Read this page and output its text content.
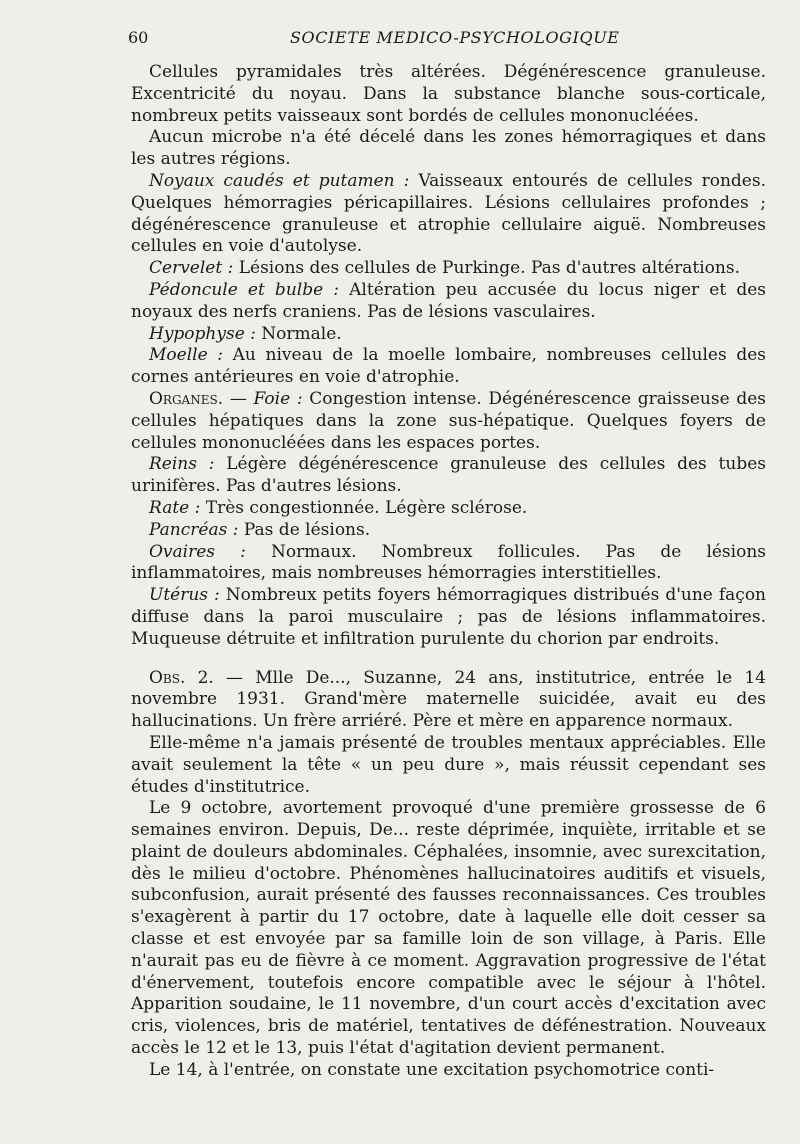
60	SOCIETE MEDICO-PSYCHOLOGIQUE

Cellules pyramidales très altérées. Dégénérescence granuleuse. Excentricité du noyau. Dans la substance blanche sous-corticale, nombreux petits vaisseaux sont bordés de cellules mononucléées.

Aucun microbe n'a été décelé dans les zones hémorragiques et dans les autres régions.

Noyaux caudés et putamen : Vaisseaux entourés de cellules rondes. Quelques hémorragies péricapillaires. Lésions cellulaires profondes ; dégénérescence granuleuse et atrophie cellulaire aiguë. Nombreuses cellules en voie d'autolyse.

Cervelet : Lésions des cellules de Purkinge. Pas d'autres altérations.

Pédoncule et bulbe : Altération peu accusée du locus niger et des noyaux des nerfs craniens. Pas de lésions vasculaires.

Hypophyse : Normale.

Moelle : Au niveau de la moelle lombaire, nombreuses cellules des cornes antérieures en voie d'atrophie.

Organes. — Foie : Congestion intense. Dégénérescence graisseuse des cellules hépatiques dans la zone sus-hépatique. Quelques foyers de cellules mononucléées dans les espaces portes.

Reins : Légère dégénérescence granuleuse des cellules des tubes urinifères. Pas d'autres lésions.

Rate : Très congestionnée. Légère sclérose.

Pancréas : Pas de lésions.

Ovaires : Normaux. Nombreux follicules. Pas de lésions inflammatoires, mais nombreuses hémorragies interstitielles.

Utérus : Nombreux petits foyers hémorragiques distribués d'une façon diffuse dans la paroi musculaire ; pas de lésions inflammatoires. Muqueuse détruite et infiltration purulente du chorion par endroits.

Obs. 2. — Mlle De..., Suzanne, 24 ans, institutrice, entrée le 14 novembre 1931. Grand'mère maternelle suicidée, avait eu des hallucinations. Un frère arriéré. Père et mère en apparence normaux.

Elle-même n'a jamais présenté de troubles mentaux appréciables. Elle avait seulement la tête « un peu dure », mais réussit cependant ses études d'institutrice.

Le 9 octobre, avortement provoqué d'une première grossesse de 6 semaines environ. Depuis, De... reste déprimée, inquiète, irritable et se plaint de douleurs abdominales. Céphalées, insomnie, avec surexcitation, dès le milieu d'octobre. Phénomènes hallucinatoires auditifs et visuels, subconfusion, aurait présenté des fausses reconnaissances. Ces troubles s'exagèrent à partir du 17 octobre, date à laquelle elle doit cesser sa classe et est envoyée par sa famille loin de son village, à Paris. Elle n'aurait pas eu de fièvre à ce moment. Aggravation progressive de l'état d'énervement, toutefois encore compatible avec le séjour à l'hôtel. Apparition soudaine, le 11 novembre, d'un court accès d'excitation avec cris, violences, bris de matériel, tentatives de défénestration. Nouveaux accès le 12 et le 13, puis l'état d'agitation devient permanent.

Le 14, à l'entrée, on constate une excitation psychomotrice conti-
